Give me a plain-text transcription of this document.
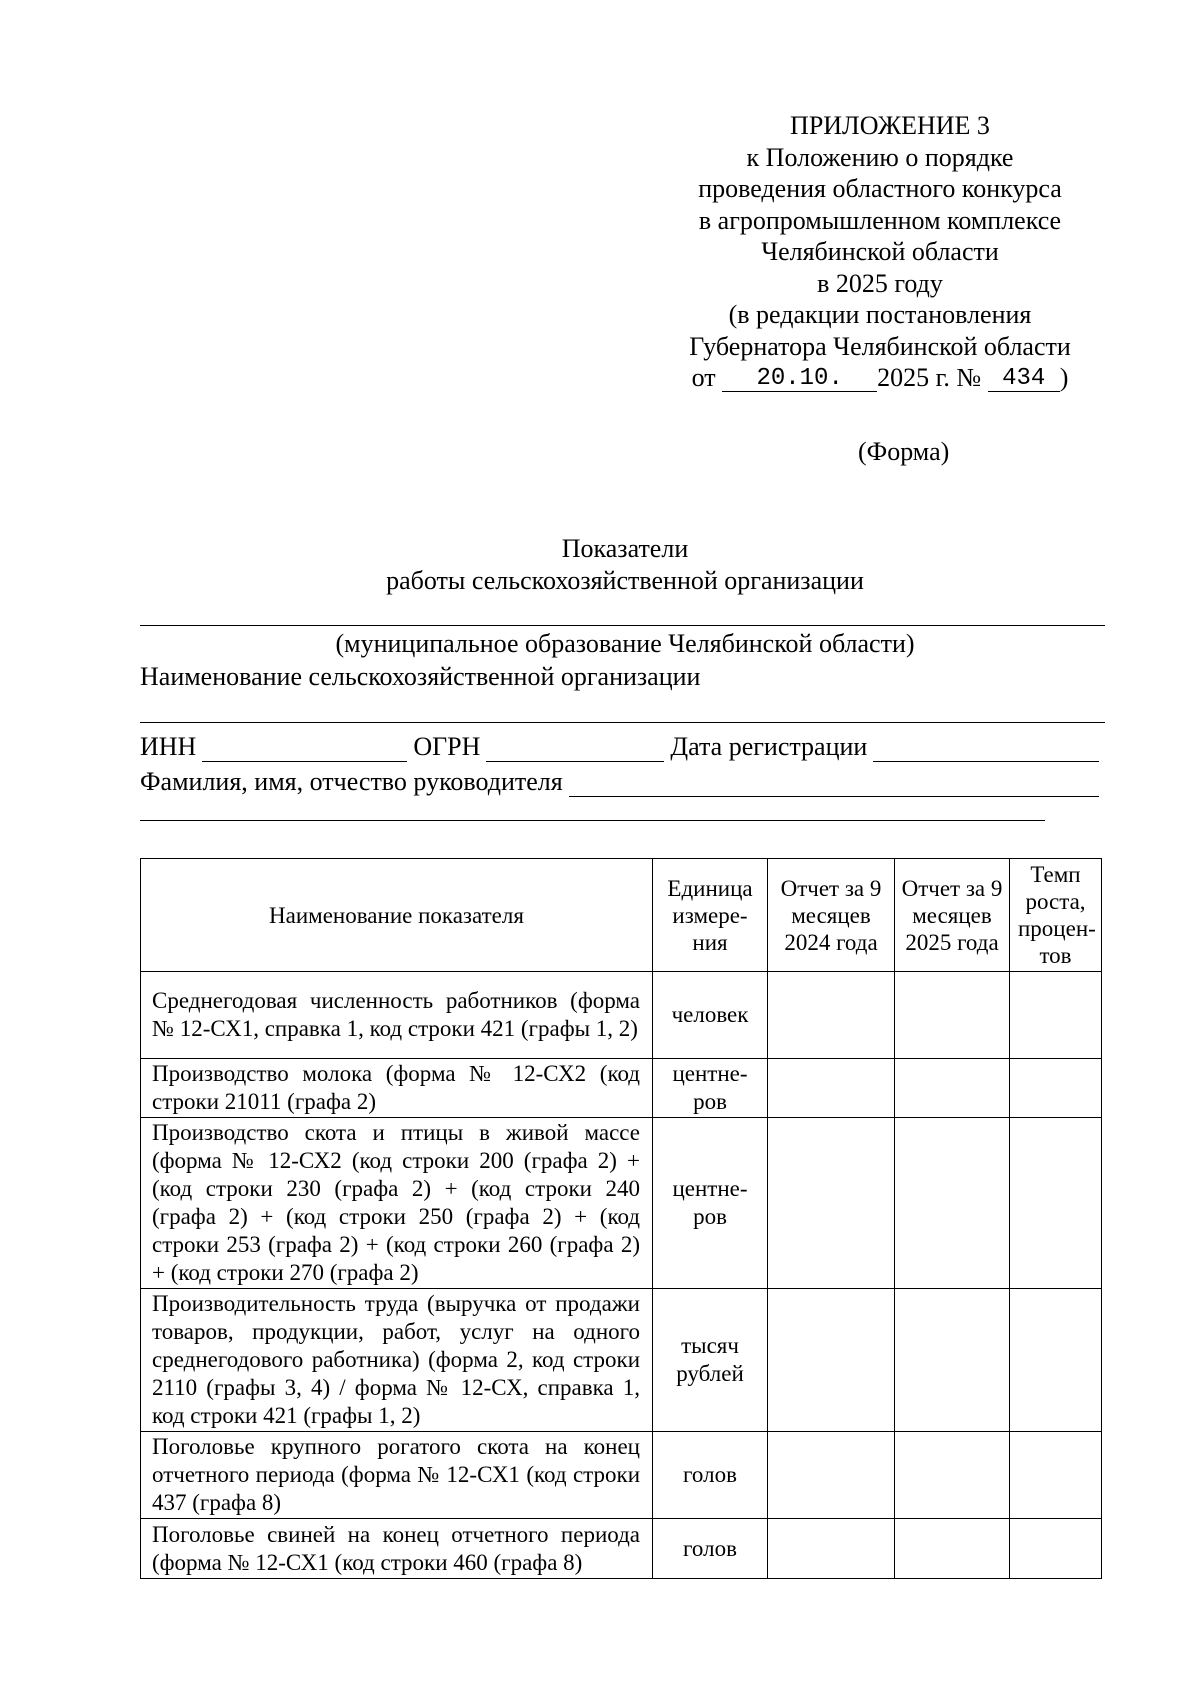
ПРИЛОЖЕНИЕ 3
к Положению о порядке
проведения областного конкурса
в агропромышленном комплексе
Челябинской области
в 2025 году
(в редакции постановления
Губернатора Челябинской области
от 20.10. 2025 г. № 434 )
(Форма)
Показатели
работы сельскохозяйственной организации
(муниципальное образование Челябинской области)
Наименование сельскохозяйственной организации
ИНН	ОГРН	Дата регистрации
Фамилия, имя, отчество руководителя
Наименование показателя	Единица измере- ния	Отчет за 9 месяцев 2024 года	Отчет за 9 месяцев 2025 года	Темп роста, процен- тов
Среднегодовая численность работников (форма № 12-СХ1, справка 1, код строки 421 (графы 1, 2)	человек			
Производство молока (форма № 12-СХ2 (код строки 21011 (графа 2)	центне- ров			
Производство скота и птицы в живой массе (форма № 12-СХ2 (код строки 200 (графа 2) + (код строки 230 (графа 2) + (код строки 240 (графа 2) + (код строки 250 (графа 2) + (код строки 253 (графа 2) + (код строки 260 (графа 2) + (код строки 270 (графа 2)	центне- ров			
Производительность труда (выручка от продажи товаров, продукции, работ, услуг на одного среднегодового работника) (форма 2, код строки 2110 (графы 3, 4) / форма № 12-СХ, справка 1, код строки 421 (графы 1, 2)	тысяч рублей			
Поголовье крупного рогатого скота на конец отчетного периода (форма № 12-СХ1 (код строки 437 (графа 8)	голов			
Поголовье свиней на конец отчетного периода (форма № 12-СХ1 (код строки 460 (графа 8)	голов			
